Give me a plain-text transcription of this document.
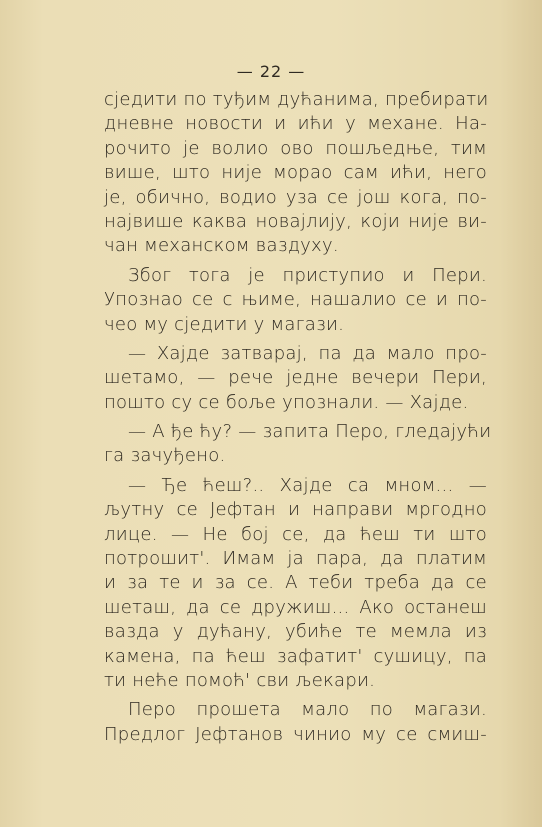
— 22 —
сједити по туђим дућанима, пребирати
дневне новости и ићи у механе. На-
рочито је волио ово пошљедње, тим
више, што није морао сам ићи, него
је, обично, водио уза се још кога, по-
највише каква новајлију, који није ви-
чан механском ваздуху.
Због тога је приступио и Пери.
Упознао се с њиме, нашалио се и по-
чео му сједити у магази.
— Хајде затварај, па да мало про-
шетамо, — рече једне вечери Пери,
пошто су се боље упознали. — Хајде.
— А ђе ћу? — запита Перо, гледајући
га зачуђено.
— Ђе ћеш?.. Хајде са мном... —
љутну се Јефтан и направи мргодно
лице. — Не бој се, да ћеш ти што
потрошит'. Имам ја пара, да платим
и за те и за се. А теби треба да се
шеташ, да се дружиш... Ако останеш
вазда у дућану, убиће те мемла из
камена, па ћеш зафатит' сушицу, па
ти неће помоћ' сви љекари.
Перо прошета мало по магази.
Предлог Јефтанов чинио му се смиш-
